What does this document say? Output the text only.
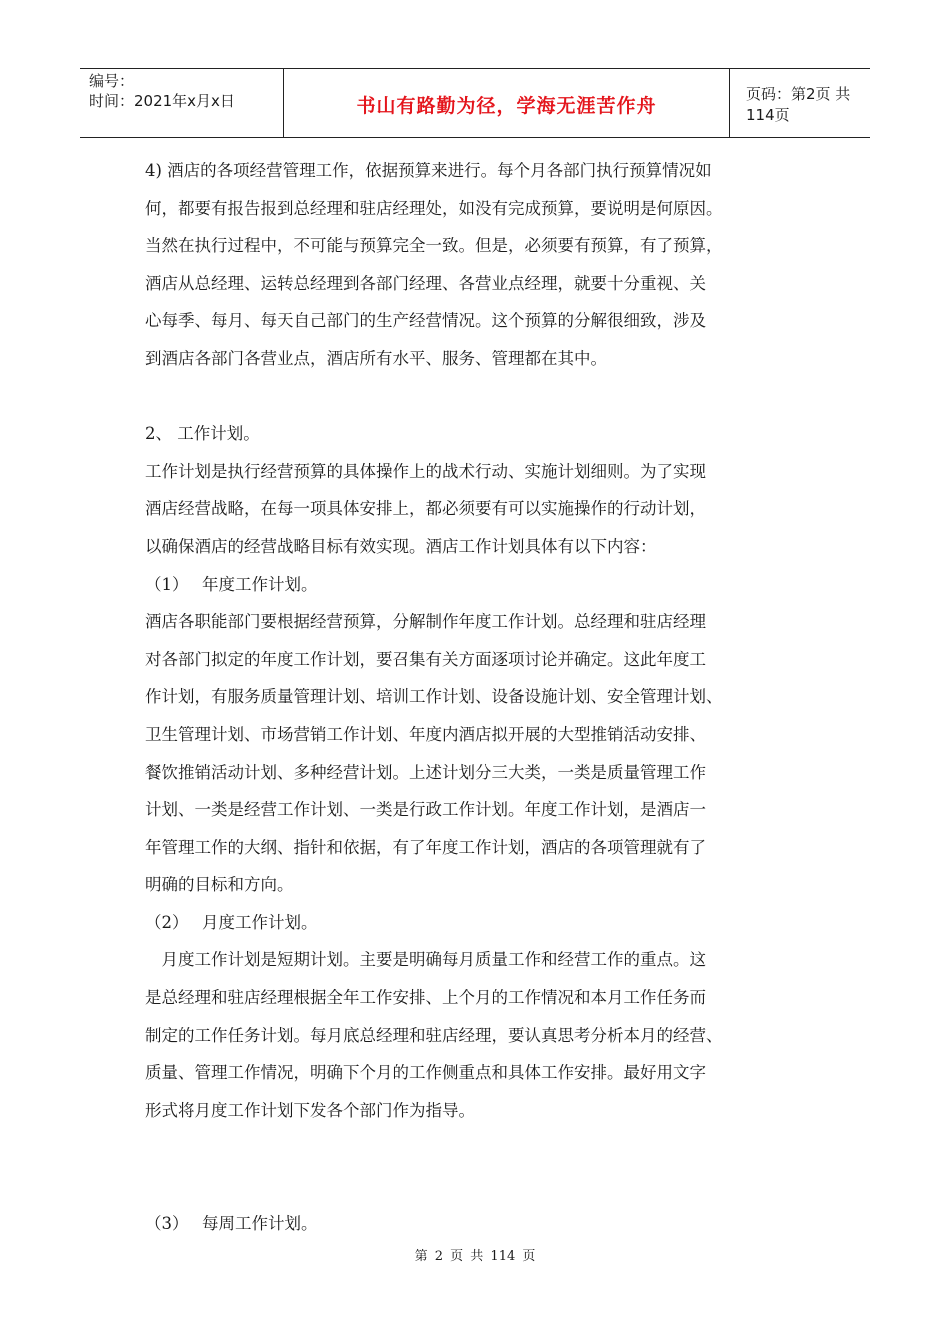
编号：
时间：2021年x月x日	书山有路勤为径，学海无涯苦作舟
页码：第2页 共114页

4) 酒店的各项经营管理工作，依据预算来进行。每个月各部门执行预算情况如

何，都要有报告报到总经理和驻店经理处，如没有完成预算，要说明是何原因。

当然在执行过程中，不可能与预算完全一致。但是，必须要有预算，有了预算，

酒店从总经理、运转总经理到各部门经理、各营业点经理，就要十分重视、关

心每季、每月、每天自己部门的生产经营情况。这个预算的分解很细致，涉及

到酒店各部门各营业点，酒店所有水平、服务、管理都在其中。

2、 工作计划。

工作计划是执行经营预算的具体操作上的战术行动、实施计划细则。为了实现

酒店经营战略，在每一项具体安排上，都必须要有可以实施操作的行动计划，

以确保酒店的经营战略目标有效实现。酒店工作计划具体有以下内容：

（1）　 年度工作计划。

酒店各职能部门要根据经营预算，分解制作年度工作计划。总经理和驻店经理

对各部门拟定的年度工作计划，要召集有关方面逐项讨论并确定。这此年度工

作计划，有服务质量管理计划、培训工作计划、设备设施计划、安全管理计划、

卫生管理计划、市场营销工作计划、年度内酒店拟开展的大型推销活动安排、

餐饮推销活动计划、多种经营计划。上述计划分三大类，一类是质量管理工作

计划、一类是经营工作计划、一类是行政工作计划。年度工作计划，是酒店一

年管理工作的大纲、指针和依据，有了年度工作计划，酒店的各项管理就有了

明确的目标和方向。

（2）　 月度工作计划。

　月度工作计划是短期计划。主要是明确每月质量工作和经营工作的重点。这

是总经理和驻店经理根据全年工作安排、上个月的工作情况和本月工作任务而

制定的工作任务计划。每月底总经理和驻店经理，要认真思考分析本月的经营、

质量、管理工作情况，明确下个月的工作侧重点和具体工作安排。最好用文字

形式将月度工作计划下发各个部门作为指导。

（3）　 每周工作计划。

第 2 页 共 114 页
